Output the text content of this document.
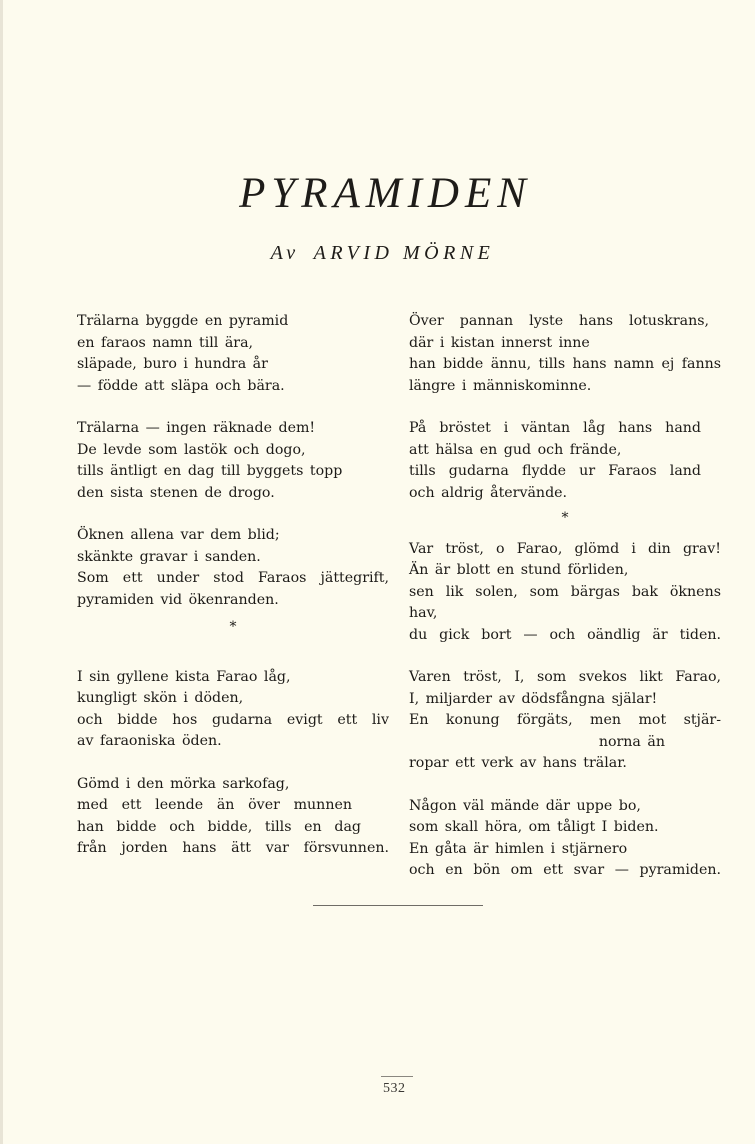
PYRAMIDEN
Av ARVID MÖRNE
Trälarna byggde en pyramid
en faraos namn till ära,
släpade, buro i hundra år
— födde att släpa och bära.
Trälarna — ingen räknade dem!
De levde som lastök och dogo,
tills äntligt en dag till byggets topp
den sista stenen de drogo.
Öknen allena var dem blid;
skänkte gravar i sanden.
Som ett under stod Faraos jättegrift,
pyramiden vid ökenranden.
*
I sin gyllene kista Farao låg,
kungligt skön i döden,
och bidde hos gudarna evigt ett liv
av faraoniska öden.
Gömd i den mörka sarkofag,
med ett leende än över munnen
han bidde och bidde, tills en dag
från jorden hans ätt var försvunnen.
Över pannan lyste hans lotuskrans,
där i kistan innerst inne
han bidde ännu, tills hans namn ej fanns
längre i människominne.
På bröstet i väntan låg hans hand
att hälsa en gud och frände,
tills gudarna flydde ur Faraos land
och aldrig återvände.
*
Var tröst, o Farao, glömd i din grav!
Än är blott en stund förliden,
sen lik solen, som bärgas bak öknens hav,
du gick bort — och oändlig är tiden.
Varen tröst, I, som svekos likt Farao,
I, miljarder av dödsfångna själar!
En konung förgäts, men mot stjär-
norna än
ropar ett verk av hans trälar.
Någon väl mände där uppe bo,
som skall höra, om tåligt I biden.
En gåta är himlen i stjärnero
och en bön om ett svar — pyramiden.
532
